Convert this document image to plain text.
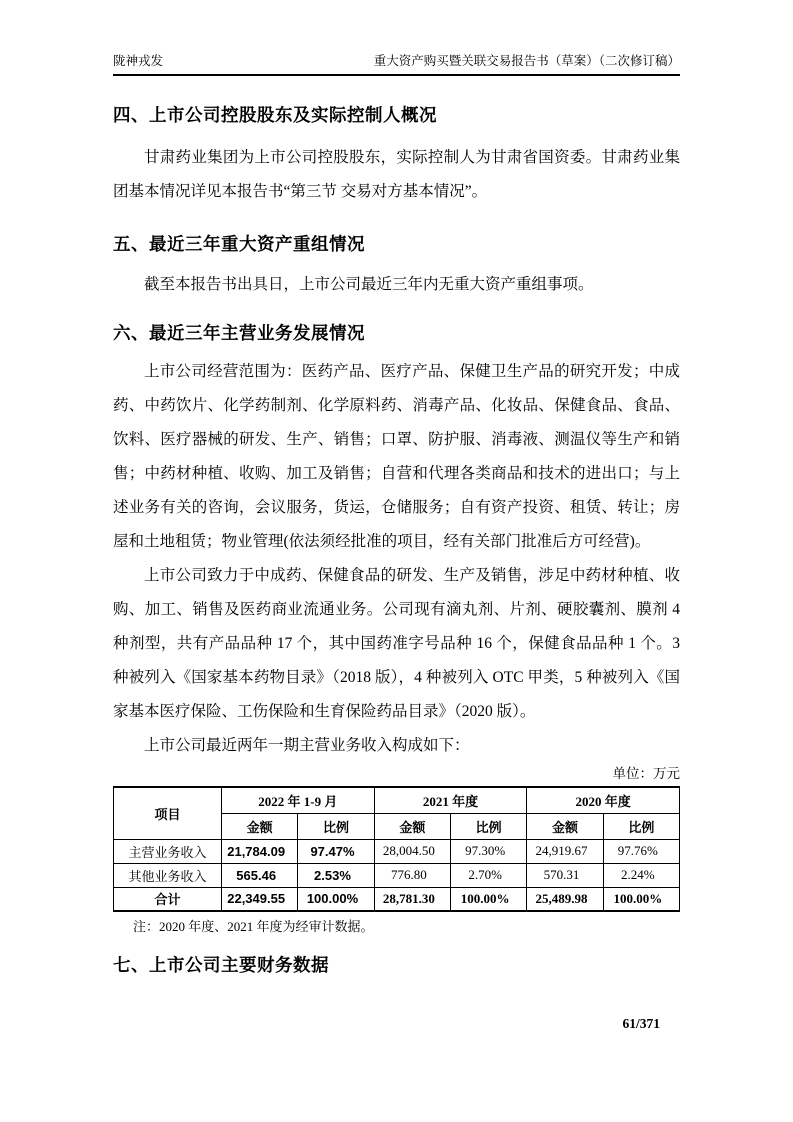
陇神戎发	重大资产购买暨关联交易报告书（草案）（二次修订稿）
四、上市公司控股股东及实际控制人概况

甘肃药业集团为上市公司控股股东，实际控制人为甘肃省国资委。甘肃药业集团基本情况详见本报告书“第三节 交易对方基本情况”。

五、最近三年重大资产重组情况

截至本报告书出具日，上市公司最近三年内无重大资产重组事项。

六、最近三年主营业务发展情况

上市公司经营范围为：医药产品、医疗产品、保健卫生产品的研究开发；中成药、中药饮片、化学药制剂、化学原料药、消毒产品、化妆品、保健食品、食品、饮料、医疗器械的研发、生产、销售；口罩、防护服、消毒液、测温仪等生产和销售；中药材种植、收购、加工及销售；自营和代理各类商品和技术的进出口；与上述业务有关的咨询，会议服务，货运，仓储服务；自有资产投资、租赁、转让；房屋和土地租赁；物业管理(依法须经批准的项目，经有关部门批准后方可经营)。

上市公司致力于中成药、保健食品的研发、生产及销售，涉足中药材种植、收购、加工、销售及医药商业流通业务。公司现有滴丸剂、片剂、硬胶囊剂、膜剂 4 种剂型，共有产品品种 17 个，其中国药准字号品种 16 个，保健食品品种 1 个。3 种被列入《国家基本药物目录》（2018 版），4 种被列入 OTC 甲类，5 种被列入《国家基本医疗保险、工伤保险和生育保险药品目录》（2020 版）。

上市公司最近两年一期主营业务收入构成如下：

单位：万元
项目	2022 年 1-9 月		2021 年度		2020 年度	
	金额	比例	金额	比例	金额	比例
主营业务收入	21,784.09	97.47%	28,004.50	97.30%	24,919.67	97.76%
其他业务收入	565.46	2.53%	776.80	2.70%	570.31	2.24%
合计	22,349.55	100.00%	28,781.30	100.00%	25,489.98	100.00%
注：2020 年度、2021 年度为经审计数据。
七、上市公司主要财务数据
61/371
